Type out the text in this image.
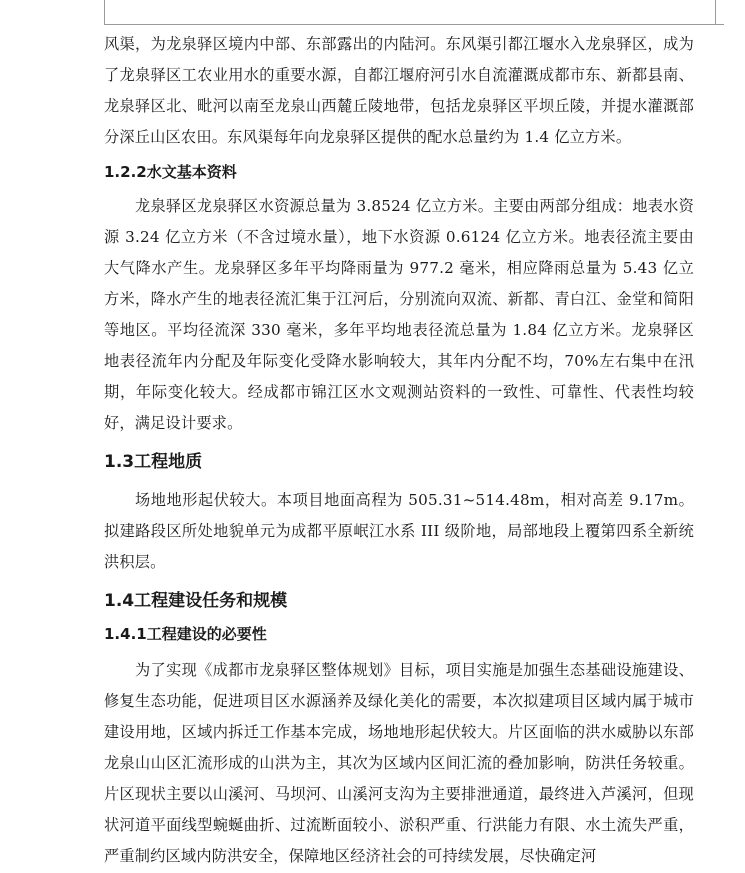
风渠，为龙泉驿区境内中部、东部露出的内陆河。东风渠引都江堰水入龙泉驿区，成为了龙泉驿区工农业用水的重要水源，自都江堰府河引水自流灌溉成都市东、新都县南、龙泉驿区北、毗河以南至龙泉山西麓丘陵地带，包括龙泉驿区平坝丘陵，并提水灌溉部分深丘山区农田。东风渠每年向龙泉驿区提供的配水总量约为 1.4 亿立方米。

1.2.2水文基本资料

龙泉驿区龙泉驿区水资源总量为 3.8524 亿立方米。主要由两部分组成：地表水资源 3.24 亿立方米（不含过境水量），地下水资源 0.6124 亿立方米。地表径流主要由大气降水产生。龙泉驿区多年平均降雨量为 977.2 毫米，相应降雨总量为 5.43 亿立方米，降水产生的地表径流汇集于江河后，分别流向双流、新都、青白江、金堂和简阳等地区。平均径流深 330 毫米，多年平均地表径流总量为 1.84 亿立方米。龙泉驿区地表径流年内分配及年际变化受降水影响较大，其年内分配不均，70%左右集中在汛期，年际变化较大。经成都市锦江区水文观测站资料的一致性、可靠性、代表性均较好，满足设计要求。

1.3工程地质

场地地形起伏较大。本项目地面高程为 505.31~514.48m，相对高差 9.17m。拟建路段区所处地貌单元为成都平原岷江水系 III 级阶地，局部地段上覆第四系全新统洪积层。

1.4工程建设任务和规模
1.4.1工程建设的必要性

为了实现《成都市龙泉驿区整体规划》目标，项目实施是加强生态基础设施建设、修复生态功能，促进项目区水源涵养及绿化美化的需要，本次拟建项目区域内属于城市建设用地，区域内拆迁工作基本完成，场地地形起伏较大。片区面临的洪水威胁以东部龙泉山山区汇流形成的山洪为主，其次为区域内区间汇流的叠加影响，防洪任务较重。片区现状主要以山溪河、马坝河、山溪河支沟为主要排泄通道，最终进入芦溪河，但现状河道平面线型蜿蜒曲折、过流断面较小、淤积严重、行洪能力有限、水土流失严重，严重制约区域内防洪安全，保障地区经济社会的可持续发展，尽快确定河
